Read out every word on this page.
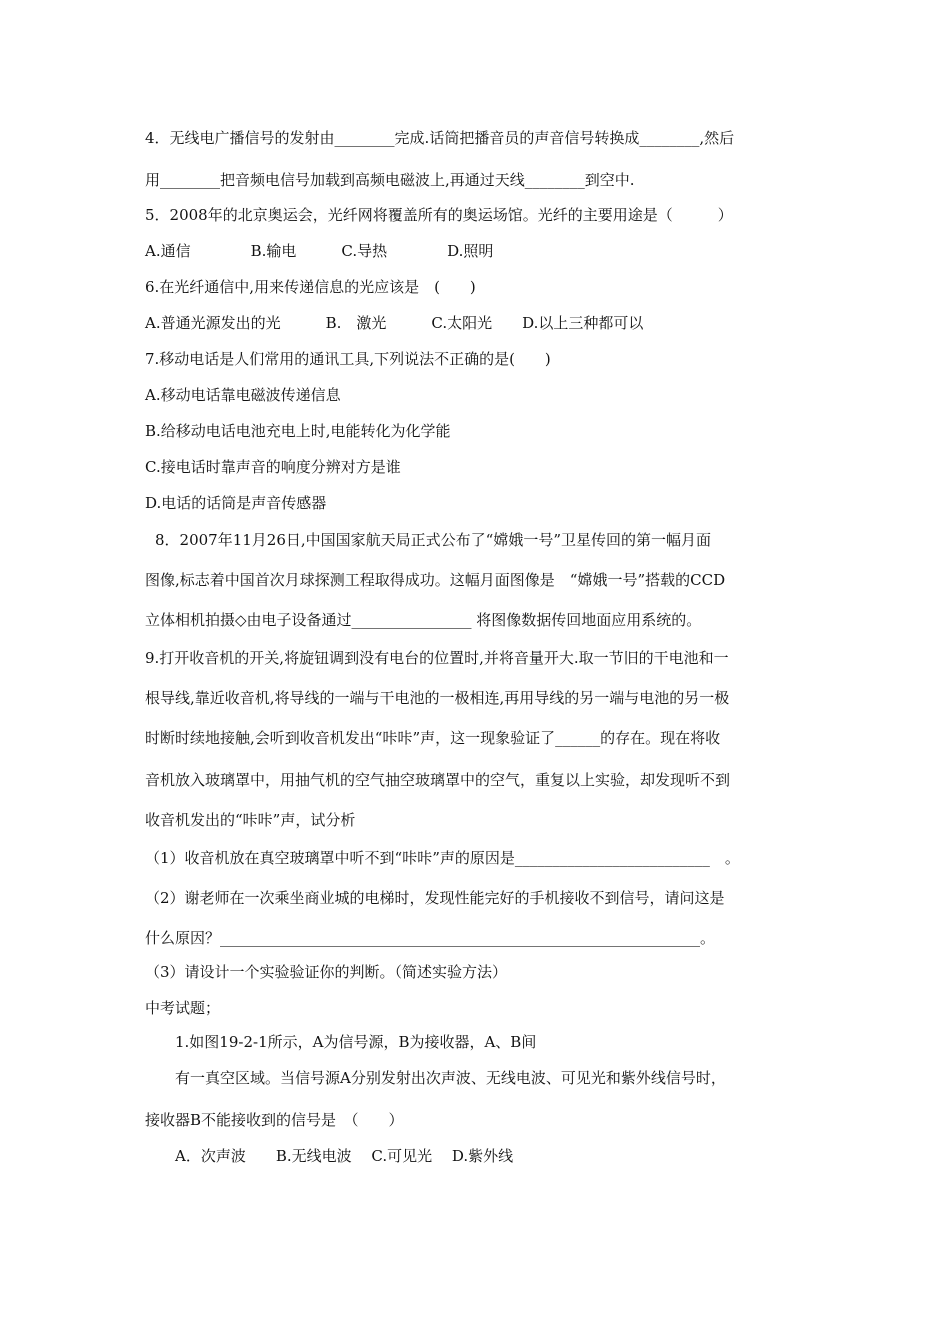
4．无线电广播信号的发射由________完成.话筒把播音员的声音信号转换成________,然后
用________把音频电信号加载到高频电磁波上,再通过天线________到空中.
5．2008年的北京奥运会，光纤网将覆盖所有的奥运场馆。光纤的主要用途是（　　　）
A.通信　　　　B.输电　　　C.导热　　　　D.照明
6.在光纤通信中,用来传递信息的光应该是　(　　)
A.普通光源发出的光　　　B.　激光　　　C.太阳光　　D.以上三种都可以
7.移动电话是人们常用的通讯工具,下列说法不正确的是(　　)
A.移动电话靠电磁波传递信息
B.给移动电话电池充电上时,电能转化为化学能
C.接电话时靠声音的响度分辨对方是谁
D.电话的话筒是声音传感器
8．2007年11月26日,中国国家航天局正式公布了“嫦娥一号”卫星传回的第一幅月面
图像,标志着中国首次月球探测工程取得成功。这幅月面图像是　“嫦娥一号”搭载的CCD
立体相机拍摄◇由电子设备通过________________ 将图像数据传回地面应用系统的。
9.打开收音机的开关,将旋钮调到没有电台的位置时,并将音量开大.取一节旧的干电池和一
根导线,靠近收音机,将导线的一端与干电池的一极相连,再用导线的另一端与电池的另一极
时断时续地接触,会听到收音机发出“咔咔”声，这一现象验证了______的存在。现在将收
音机放入玻璃罩中，用抽气机的空气抽空玻璃罩中的空气，重复以上实验，却发现听不到
收音机发出的“咔咔”声，试分析
（1）收音机放在真空玻璃罩中听不到“咔咔”声的原因是__________________________　。
（2）谢老师在一次乘坐商业城的电梯时，发现性能完好的手机接收不到信号，请问这是
什么原因？________________________________________________________________。
（3）请设计一个实验验证你的判断。（简述实验方法）
中考试题；
1.如图19-2-1所示，A为信号源，B为接收器，A、B间
有一真空区域。当信号源A分别发射出次声波、无线电波、可见光和紫外线信号时，
接收器B不能接收到的信号是　（　　）
A．次声波　　B.无线电波　 C.可见光　 D.紫外线
